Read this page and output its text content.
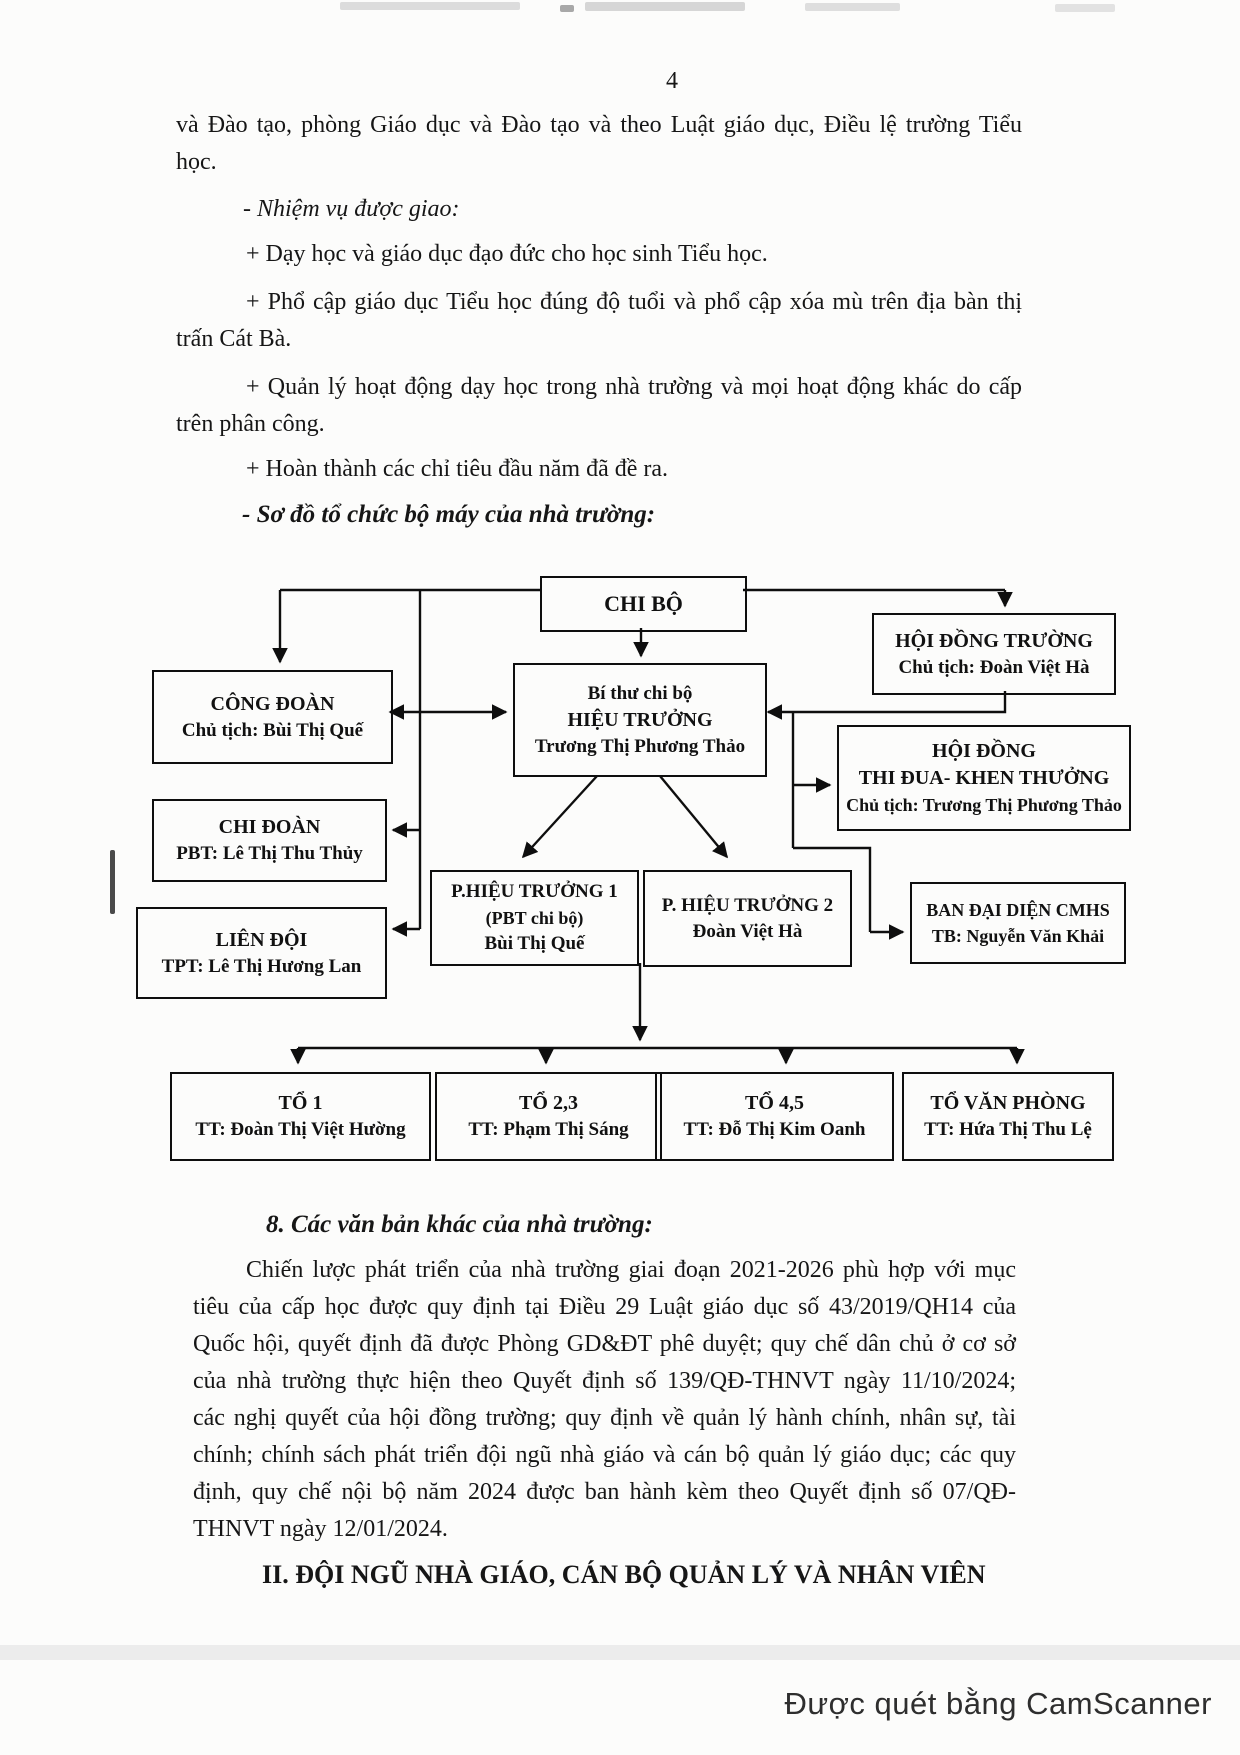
4
và Đào tạo, phòng Giáo dục và Đào tạo và theo Luật giáo dục, Điều lệ trường Tiểu
học.
- Nhiệm vụ được giao:
+ Dạy học và giáo dục đạo đức cho học sinh Tiểu học.
+ Phổ cập giáo dục Tiểu học đúng độ tuổi và phổ cập xóa mù trên địa bàn thị
trấn Cát Bà.
+ Quản lý hoạt động dạy học trong nhà trường và mọi hoạt động khác do cấp
trên phân công.
+ Hoàn thành các chỉ tiêu đầu năm đã đề ra.
- Sơ đồ tổ chức bộ máy của nhà trường:
CHI BỘ
HỘI ĐỒNG TRƯỜNG
Chủ tịch: Đoàn Việt Hà
CÔNG ĐOÀN
Chủ tịch: Bùi Thị Quế
Bí thư chi bộ
HIỆU TRƯỞNG
Trương Thị Phương Thảo	HỘI ĐỒNG
THI ĐUA- KHEN THƯỞNG
Chủ tịch: Trương Thị Phương Thảo
CHI ĐOÀN
PBT: Lê Thị Thu Thủy
LIÊN ĐỘI
TPT: Lê Thị Hương Lan
P.HIỆU TRƯỞNG 1
(PBT chi bộ)
Bùi Thị Quế
P. HIỆU TRƯỞNG 2
Đoàn Việt Hà
BAN ĐẠI DIỆN CMHS
TB: Nguyễn Văn Khải
TỔ 1
TT: Đoàn Thị Việt Hường
TỔ 2,3
TT: Phạm Thị Sáng
TỔ 4,5
TT: Đỗ Thị Kim Oanh
TỔ VĂN PHÒNG
TT: Hứa Thị Thu Lệ
8. Các văn bản khác của nhà trường:
Chiến lược phát triển của nhà trường giai đoạn 2021-2026 phù hợp với mục
tiêu của cấp học được quy định tại Điều 29 Luật giáo dục số 43/2019/QH14 của
Quốc hội, quyết định đã được Phòng GD&ĐT phê duyệt; quy chế dân chủ ở cơ sở
của nhà trường thực hiện theo Quyết định số 139/QĐ-THNVT ngày 11/10/2024;
các nghị quyết của hội đồng trường; quy định về quản lý hành chính, nhân sự, tài
chính; chính sách phát triển đội ngũ nhà giáo và cán bộ quản lý giáo dục; các quy
định, quy chế nội bộ năm 2024 được ban hành kèm theo Quyết định số 07/QĐ-
THNVT ngày 12/01/2024.
II. ĐỘI NGŨ NHÀ GIÁO, CÁN BỘ QUẢN LÝ VÀ NHÂN VIÊN
Được quét bằng CamScanner
